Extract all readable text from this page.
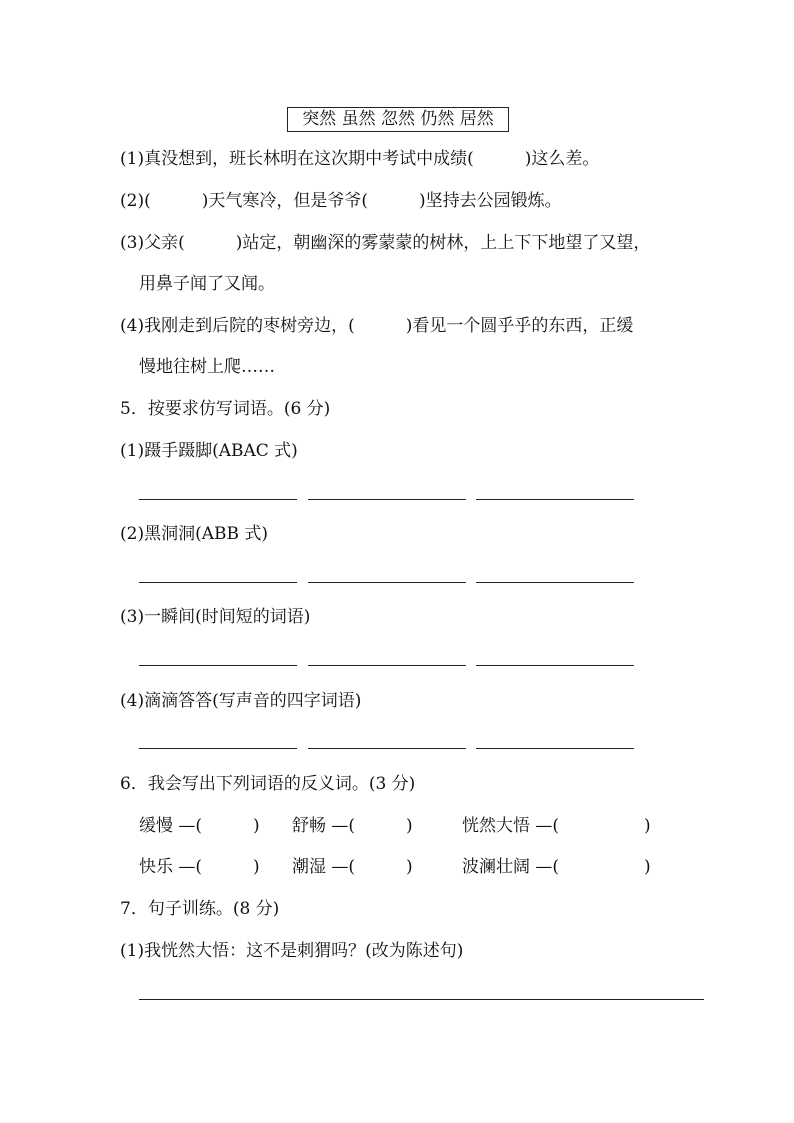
突然 虽然 忽然 仍然 居然
(1)真没想到，班长林明在这次期中考试中成绩(　　　)这么差。
(2)(　　　)天气寒冷，但是爷爷(　　　)坚持去公园锻炼。
(3)父亲(　　　)站定，朝幽深的雾蒙蒙的树林，上上下下地望了又望，
用鼻子闻了又闻。
(4)我刚走到后院的枣树旁边，(　　　)看见一个圆乎乎的东西，正缓
慢地往树上爬……
5．按要求仿写词语。(6 分)
(1)蹑手蹑脚(ABAC 式)
(2)黑洞洞(ABB 式)
(3)一瞬间(时间短的词语)
(4)滴滴答答(写声音的四字词语)
6．我会写出下列词语的反义词。(3 分)
缓慢 —(　　　) 舒畅 —(　　　)	恍然大悟 —(　　　　　)
快乐 —(　　　) 潮湿 —(　　　)	波澜壮阔 —(　　　　　)
7．句子训练。(8 分)
(1)我恍然大悟：这不是刺猬吗？(改为陈述句)
